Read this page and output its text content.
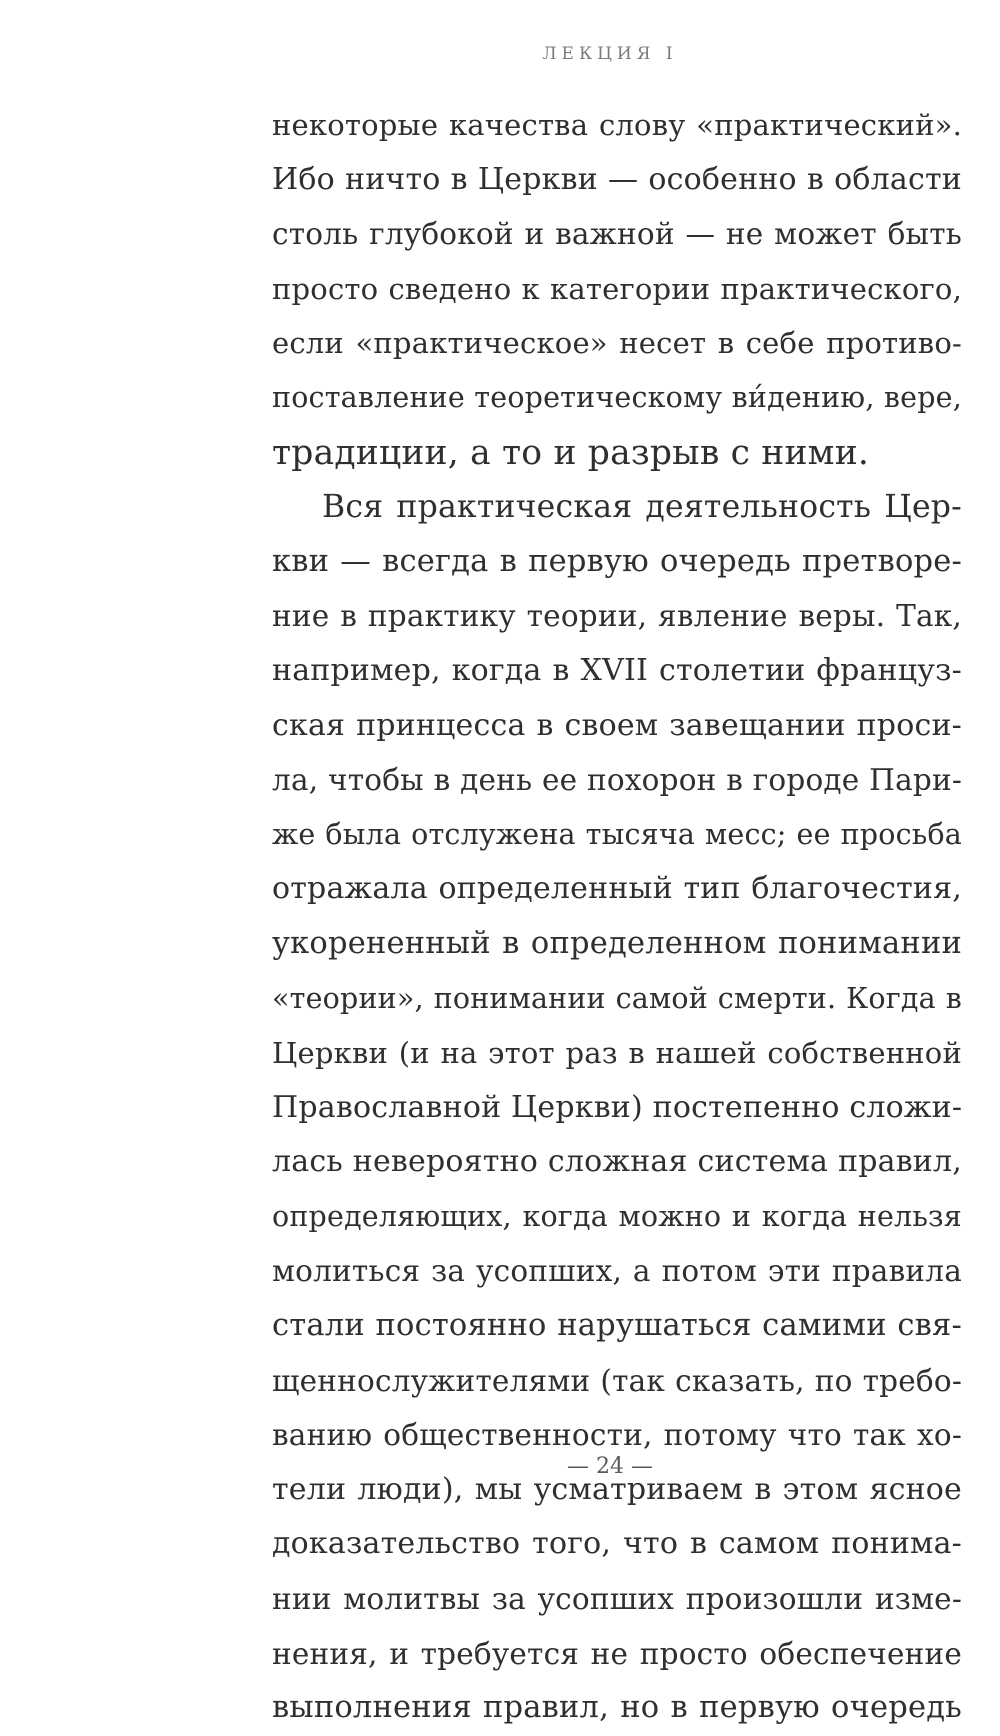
ЛЕКЦИЯ I
некоторые качества слову «практический».
Ибо ничто в Церкви — особенно в области
столь глубокой и важной — не может быть
просто сведено к категории практического,
если «практическое» несет в себе противо-
поставление теоретическому ви́дению, вере,
традиции, а то и разрыв с ними.
Вся практическая деятельность Цер-
кви — всегда в первую очередь претворе-
ние в практику теории, явление веры. Так,
например, когда в XVII столетии француз-
ская принцесса в своем завещании проси-
ла, чтобы в день ее похорон в городе Пари-
же была отслужена тысяча месс; ее просьба
отражала определенный тип благочестия,
укорененный в определенном понимании
«теории», понимании самой смерти. Когда в
Церкви (и на этот раз в нашей собственной
Православной Церкви) постепенно сложи-
лась невероятно сложная система правил,
определяющих, когда можно и когда нельзя
молиться за усопших, а потом эти правила
стали постоянно нарушаться самими свя-
щеннослужителями (так сказать, по требо-
ванию общественности, потому что так хо-
тели люди), мы усматриваем в этом ясное
доказательство того, что в самом понима-
нии молитвы за усопших произошли изме-
нения, и требуется не просто обеспечение
выполнения правил, но в первую очередь
— 24 —
